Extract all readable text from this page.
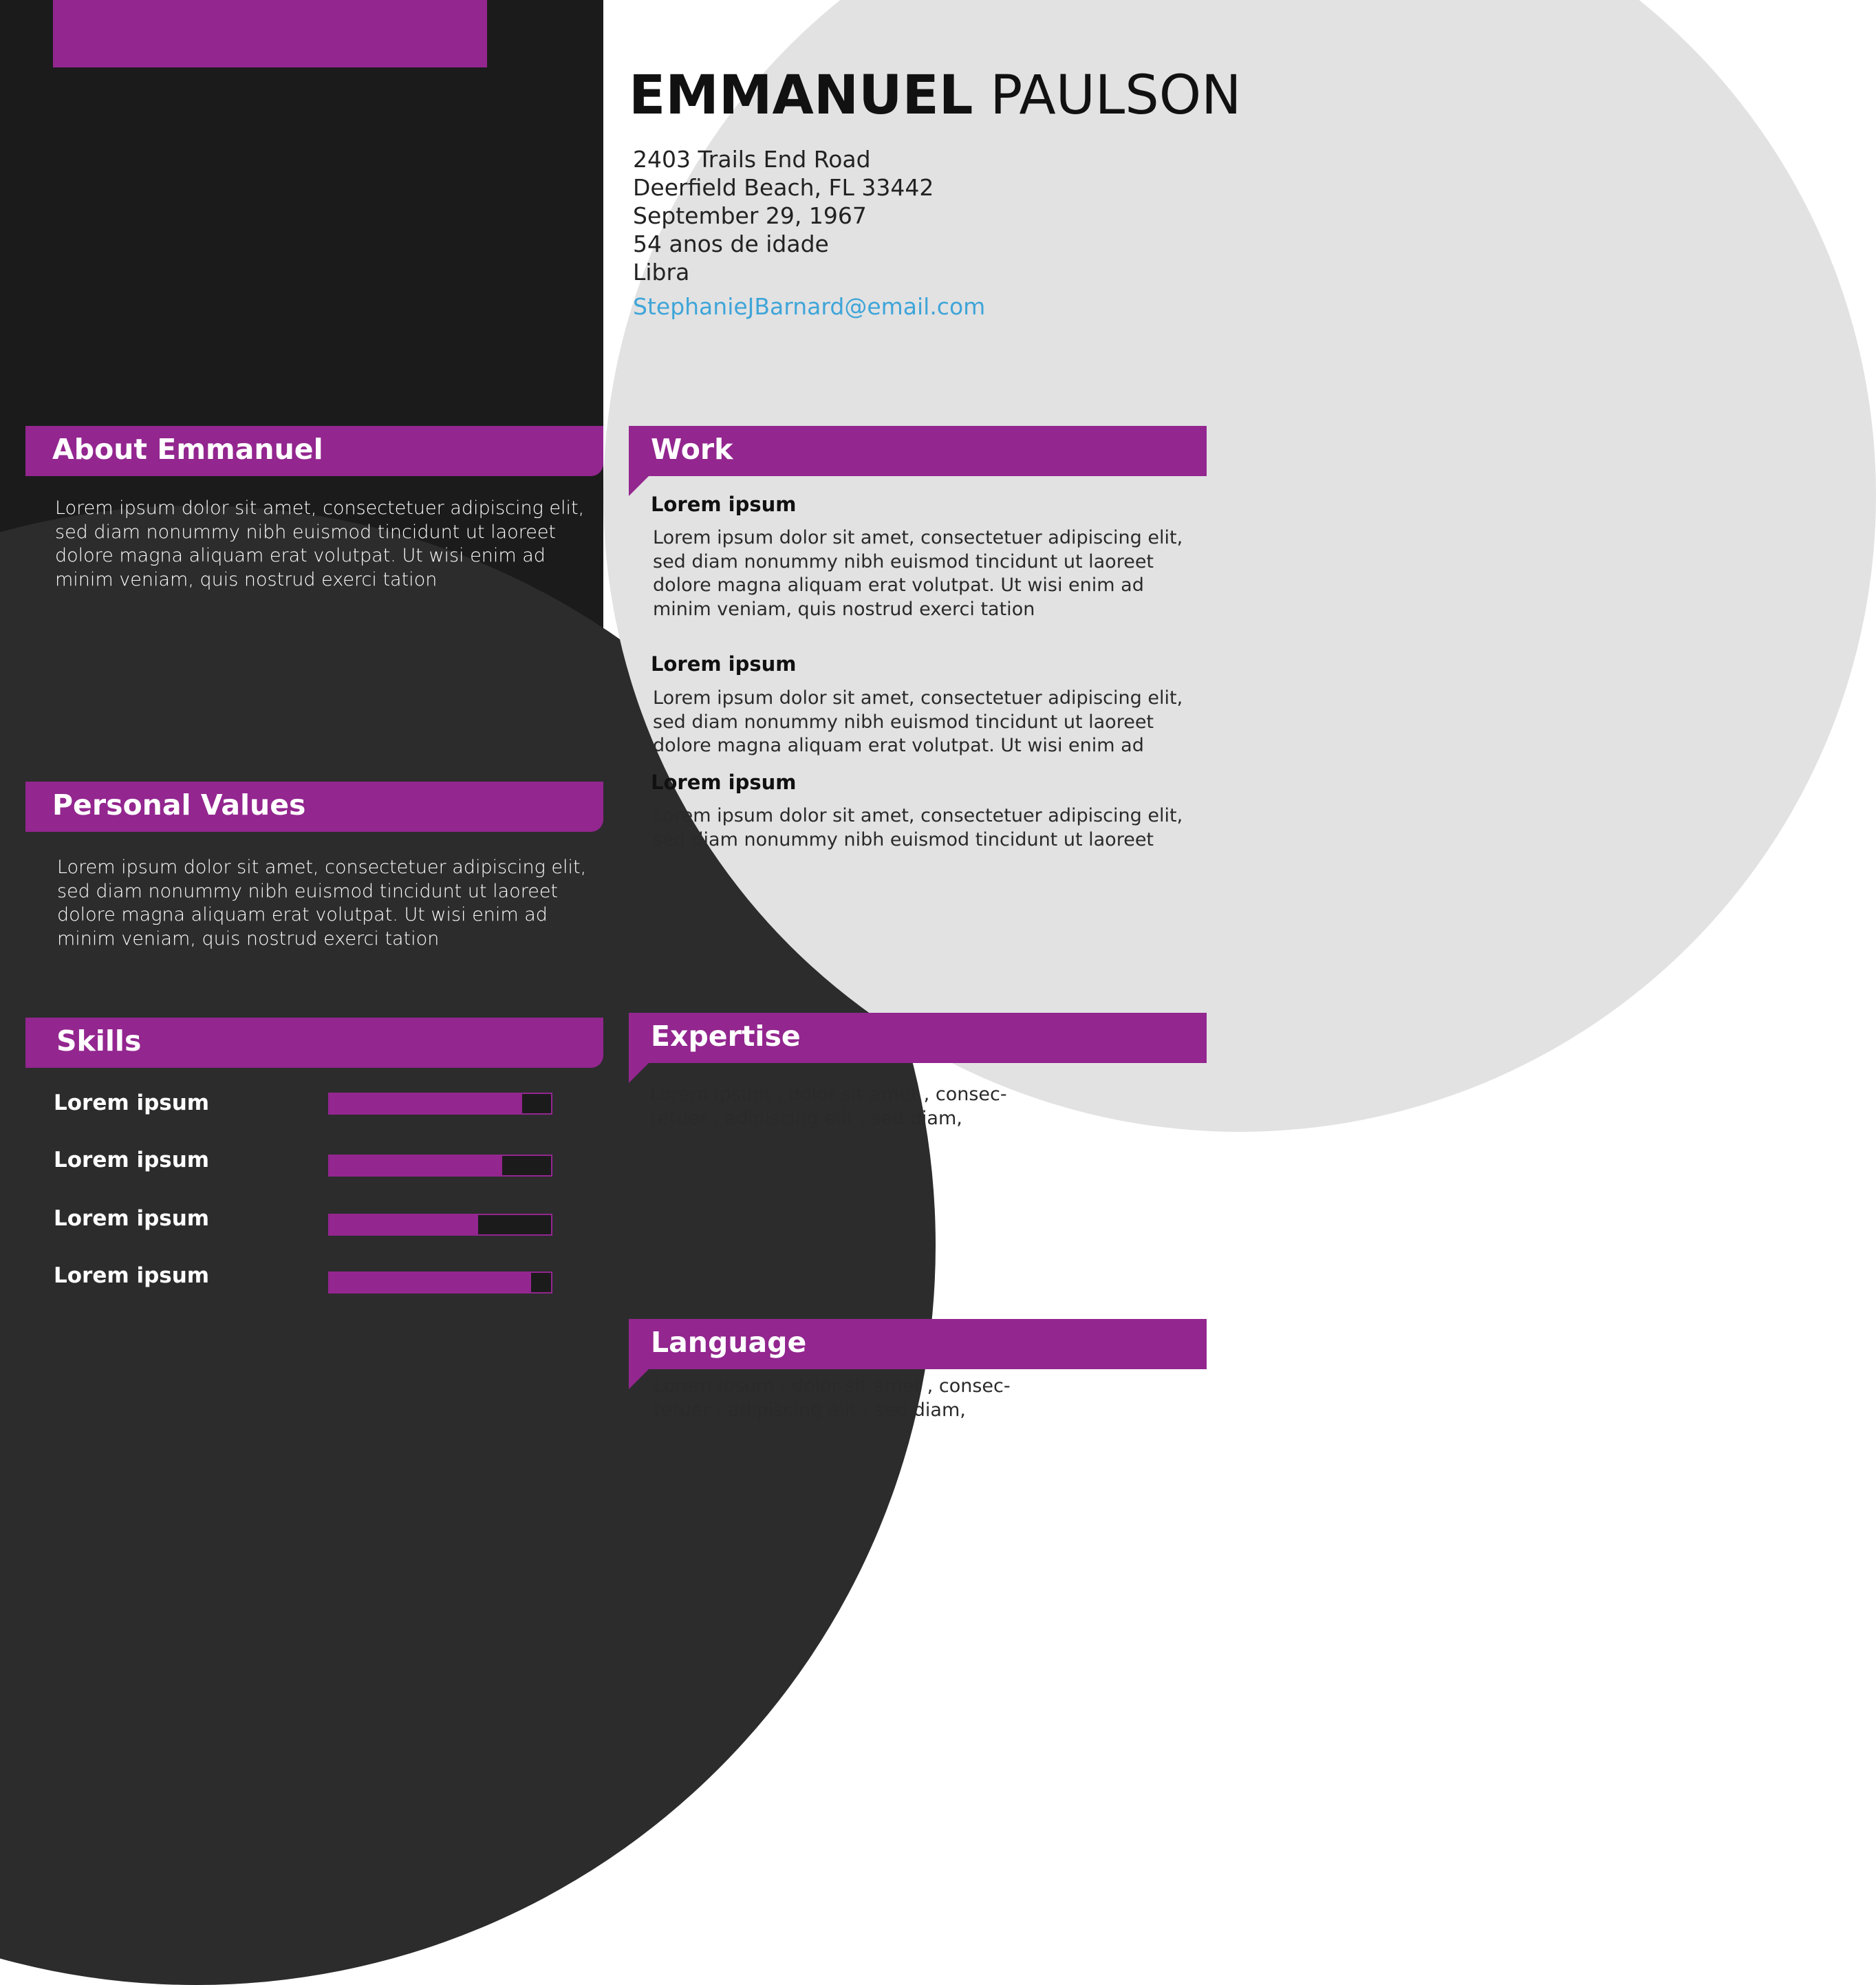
EMMANUEL PAULSON
2403 Trails End Road
Deerfield Beach, FL 33442
September 29, 1967
54 anos de idade
Libra
StephanieJBarnard@email.com
About Emmanuel
Lorem ipsum dolor sit amet, consectetuer adipiscing elit,
sed diam nonummy nibh euismod tincidunt ut laoreet
dolore magna aliquam erat volutpat. Ut wisi enim ad
minim veniam, quis nostrud exerci tation
Personal Values
Lorem ipsum dolor sit amet, consectetuer adipiscing elit,
sed diam nonummy nibh euismod tincidunt ut laoreet
dolore magna aliquam erat volutpat. Ut wisi enim ad
minim veniam, quis nostrud exerci tation
Skills
Lorem ipsum
Lorem ipsum
Lorem ipsum
Lorem ipsum
Work
Lorem ipsum
Lorem ipsum dolor sit amet, consectetuer adipiscing elit,
sed diam nonummy nibh euismod tincidunt ut laoreet
dolore magna aliquam erat volutpat. Ut wisi enim ad
minim veniam, quis nostrud exerci tation
Lorem ipsum
Lorem ipsum dolor sit amet, consectetuer adipiscing elit,
sed diam nonummy nibh euismod tincidunt ut laoreet
dolore magna aliquam erat volutpat. Ut wisi enim ad
Lorem ipsum
Lorem ipsum dolor sit amet, consectetuer adipiscing elit,
sed diam nonummy nibh euismod tincidunt ut laoreet
Expertise
Lorem ipsum , dolor sit amet , consec-
tetuer , adipiscing elit , sed diam,
Language
Lorem ipsum , dolor sit amet , consec-
tetuer , adipiscing elit , sed diam,
